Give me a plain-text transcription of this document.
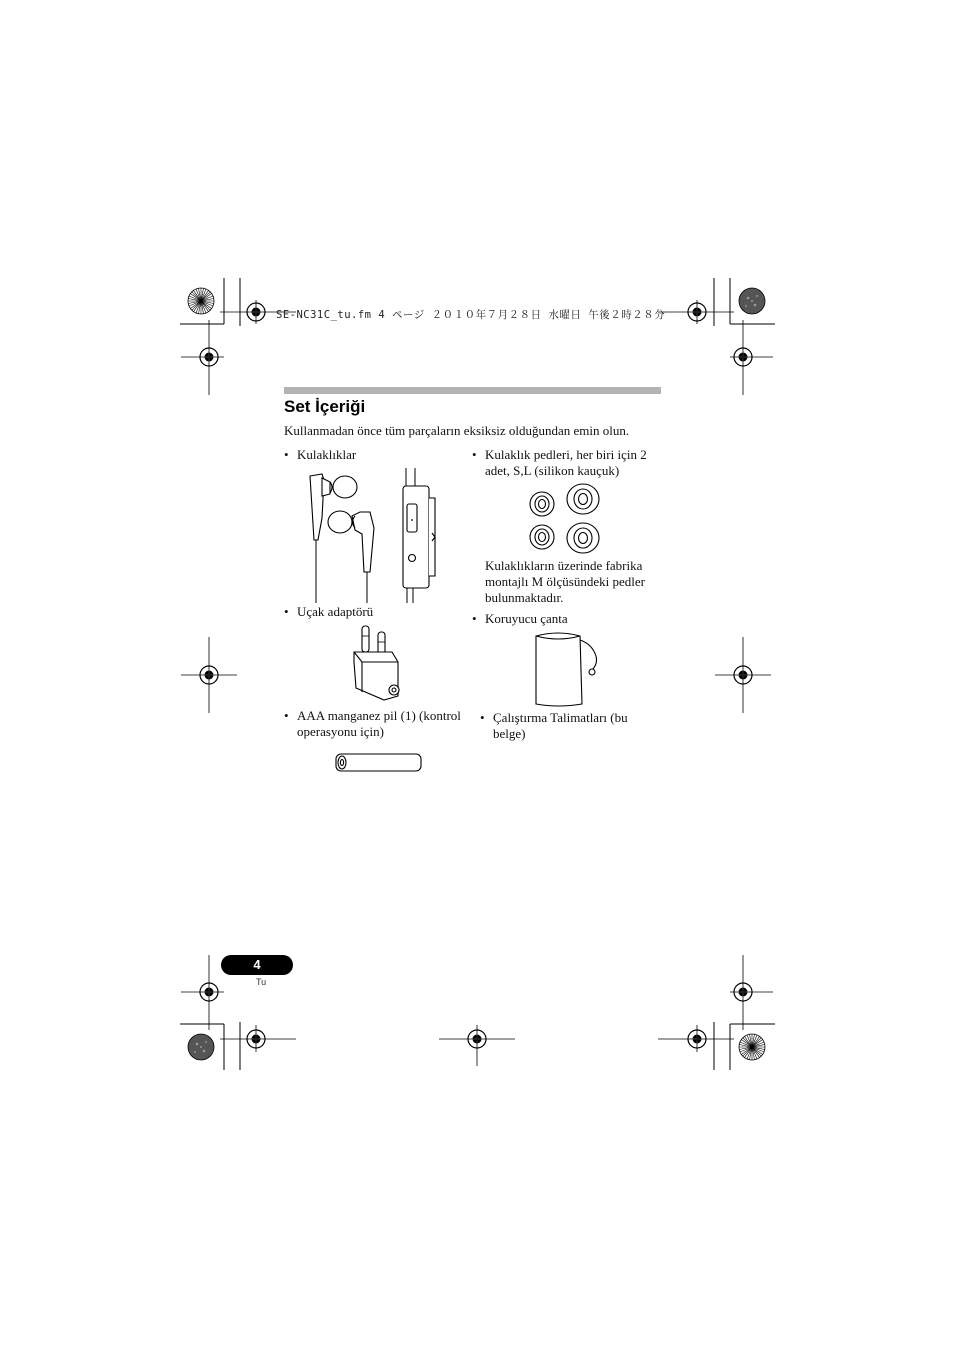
SE-NC31C_tu.fm 4 ページ ２０１０年７月２８日 水曜日 午後２時２８分
Set İçeriği
Kullanmadan önce tüm parçaların eksiksiz olduğundan emin olun.
• Kulaklıklar
• Uçak adaptörü
• AAA manganez pil (1) (kontrol
operasyonu için)
• Kulaklık pedleri, her biri için 2
adet, S,L (silikon kauçuk)
Kulaklıkların üzerinde fabrika
montajlı M ölçüsündeki pedler
bulunmaktadır.
• Koruyucu çanta
• Çalıştırma Talimatları (bu
belge)
4
Tu
